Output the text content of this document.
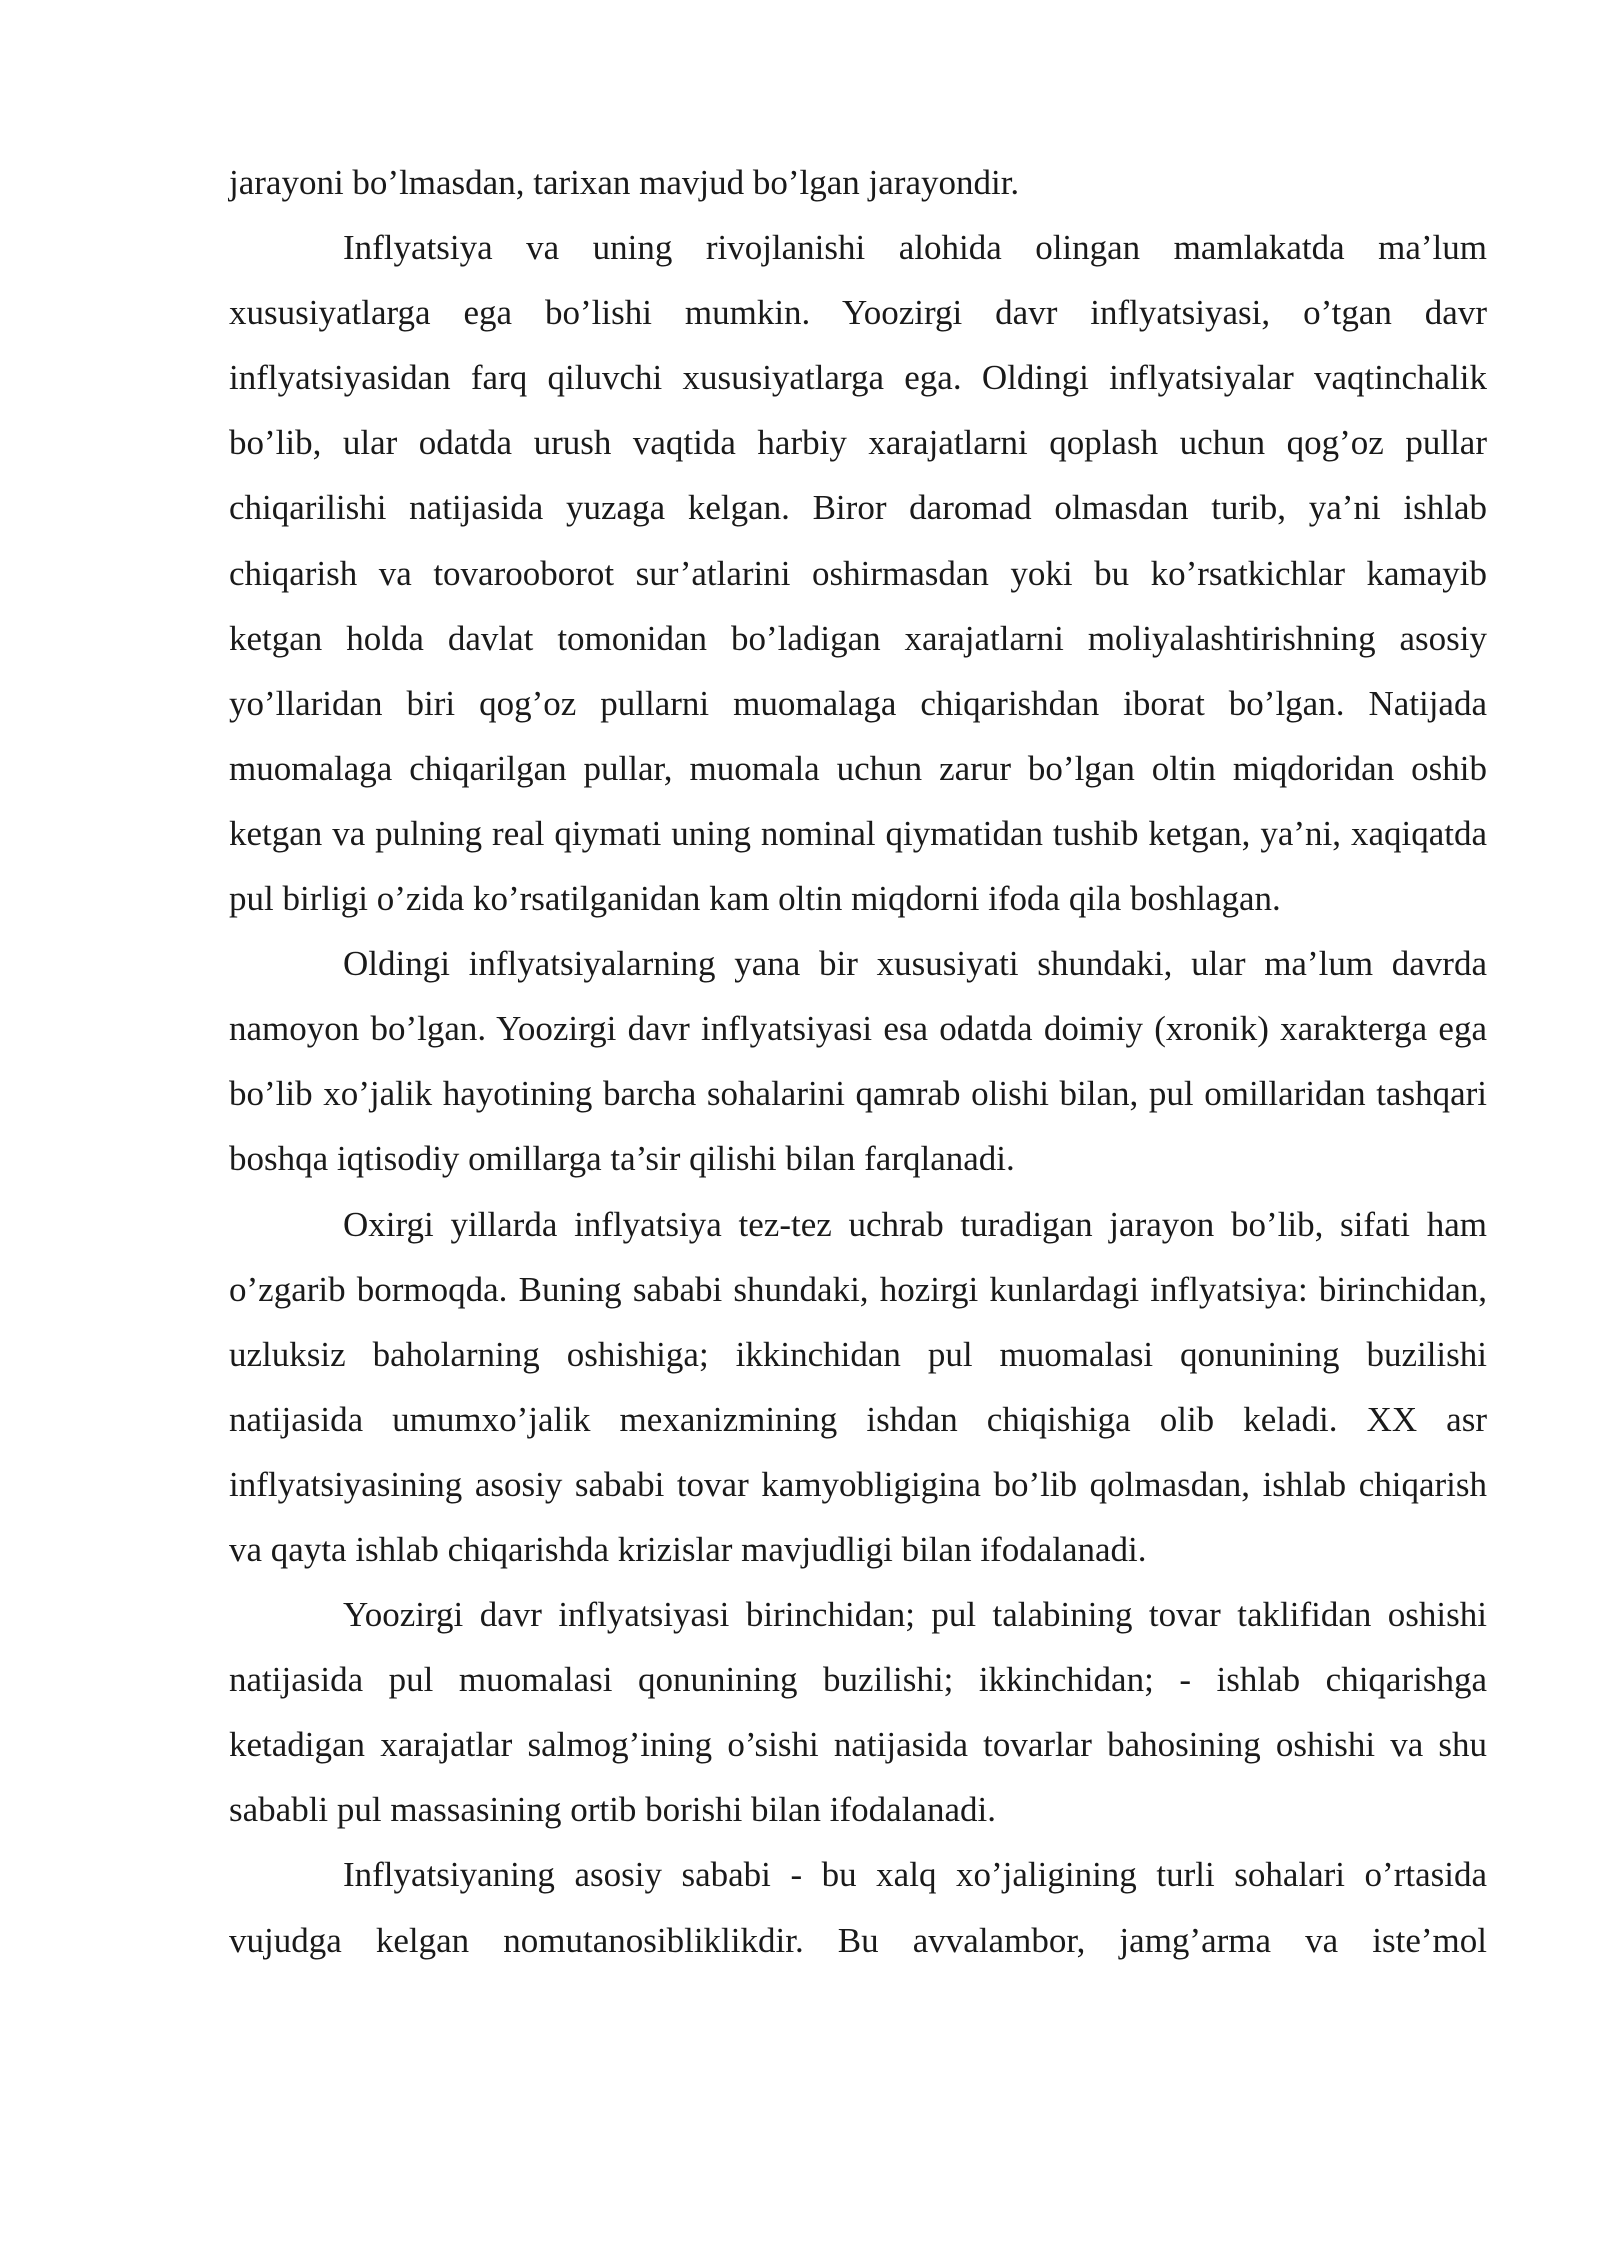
jarayoni bo’lmasdan, tarixan mavjud bo’lgan jarayondir.

Inflyatsiya va uning rivojlanishi alohida olingan mamlakatda ma’lum xususiyatlarga ega bo’lishi mumkin. Yoozirgi davr inflyatsiyasi, o’tgan davr inflyatsiyasidan farq qiluvchi xususiyatlarga ega. Oldingi inflyatsiyalar vaqtinchalik bo’lib, ular odatda urush vaqtida harbiy xarajatlarni qoplash uchun qog’oz pullar chiqarilishi natijasida yuzaga kelgan. Biror daromad olmasdan turib, ya’ni ishlab chiqarish va tovarooborot sur’atlarini oshirmasdan yoki bu ko’rsatkichlar kamayib ketgan holda davlat tomonidan bo’ladigan xarajatlarni moliyalashtirishning asosiy yo’llaridan biri qog’oz pullarni muomalaga chiqarishdan iborat bo’lgan. Natijada muomalaga chiqarilgan pullar, muomala uchun zarur bo’lgan oltin miqdoridan oshib ketgan va pulning real qiymati uning nominal qiymatidan tushib ketgan, ya’ni, xaqiqatda pul birligi o’zida ko’rsatilganidan kam oltin miqdorni ifoda qila boshlagan.

Oldingi inflyatsiyalarning yana bir xususiyati shundaki, ular ma’lum davrda namoyon bo’lgan. Yoozirgi davr inflyatsiyasi esa odatda doimiy (xronik) xarakterga ega bo’lib xo’jalik hayotining barcha sohalarini qamrab olishi bilan, pul omillaridan tashqari boshqa iqtisodiy omillarga ta’sir qilishi bilan farqlanadi.

Oxirgi yillarda inflyatsiya tez-tez uchrab turadigan jarayon bo’lib, sifati ham o’zgarib bormoqda. Buning sababi shundaki, hozirgi kunlardagi inflyatsiya: birinchidan, uzluksiz baholarning oshishiga; ikkinchidan pul muomalasi qonunining buzilishi natijasida umumxo’jalik mexanizmining ishdan chiqishiga olib keladi. XX asr inflyatsiyasining asosiy sababi tovar kamyobligigina bo’lib qolmasdan, ishlab chiqarish va qayta ishlab chiqarishda krizislar mavjudligi bilan ifodalanadi.

Yoozirgi davr inflyatsiyasi birinchidan; pul talabining tovar taklifidan oshishi natijasida pul muomalasi qonunining buzilishi; ikkinchidan; - ishlab chiqarishga ketadigan xarajatlar salmog’ining o’sishi natijasida tovarlar bahosining oshishi va shu sababli pul massasining ortib borishi bilan ifodalanadi.

Inflyatsiyaning asosiy sababi - bu xalq xo’jaligining turli sohalari o’rtasida vujudga kelgan nomutanosibliklikdir. Bu avvalambor, jamg’arma va iste’mol
